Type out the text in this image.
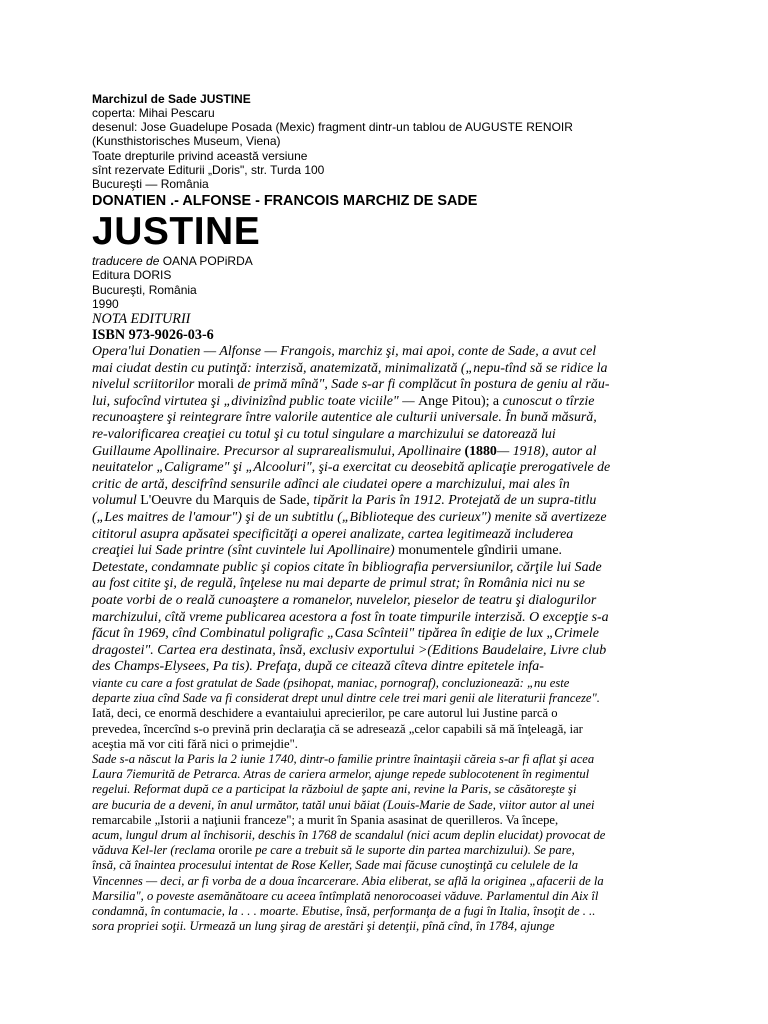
Marchizul de Sade JUSTINE
coperta: Mihai Pescaru
desenul: Jose Guadelupe Posada (Mexic) fragment dintr-un tablou de AUGUSTE RENOIR
(Kunsthistorisches Museum, Viena)
Toate drepturile privind această versiune
sînt rezervate Editurii „Doris", str. Turda 100
Bucureşti — România
DONATIEN .- ALFONSE - FRANCOIS MARCHIZ DE SADE
JUSTINE
traducere de OANA POPiRDA
Editura DORIS
Bucureşti, România
1990
NOTA EDITURII
ISBN 973-9026-03-6
Opera'lui Donatien — Alfonse — Frangois, marchiz şi, mai apoi, conte de Sade, a avut cel
mai ciudat destin cu putinţă: interzisă, anatemizată, minimalizată („nepu-tînd să se ridice la
nivelul scriitorilor morali de primă mînă", Sade s-ar fi complăcut în postura de geniu al rău-
lui, sufocînd virtutea şi „divinizînd public toate viciile" — Ange Pitou); a cunoscut o tîrzie
recunoaştere şi reintegrare între valorile autentice ale culturii universale. În bună măsură,
re-valorificarea creaţiei cu totul şi cu totul singulare a marchizului se datorează lui
Guillaume Apollinaire. Precursor al suprarealismului, Apollinaire (1880— 1918), autor al
neuitatelor „Caligrame" şi „Alcooluri", şi-a exercitat cu deosebită aplicaţie prerogativele de
critic de artă, descifrînd sensurile adînci ale ciudatei opere a marchizului, mai ales în
volumul L'Oeuvre du Marquis de Sade, tipărit la Paris în 1912. Protejată de un supra-titlu
(„Les maitres de l'amour") şi de un subtitlu („Biblioteque des curieux") menite să avertizeze
cititorul asupra apăsatei specificităţi a operei analizate, cartea legitimează includerea
creaţiei lui Sade printre (sînt cuvintele lui Apollinaire) monumentele gîndirii umane.
Detestate, condamnate public şi copios citate în bibliografia perversiunilor, cărţile lui Sade
au fost citite şi, de regulă, înţelese nu mai departe de primul strat; în România nici nu se
poate vorbi de o reală cunoaştere a romanelor, nuvelelor, pieselor de teatru şi dialogurilor
marchizului, cîtă vreme publicarea acestora a fost în toate timpurile interzisă. O excepţie s-a
făcut în 1969, cînd Combinatul poligrafic „Casa Scînteii" tipărea în ediţie de lux „Crimele
dragostei". Cartea era destinata, însă, exclusiv exportului >(Editions Baudelaire, Livre club
des Champs-Elysees, Pa tis). Prefaţa, după ce citează cîteva dintre epitetele infa-
viante cu care a fost gratulat de Sade (psihopat, maniac, pornograf), concluzionează: „nu este
departe ziua cînd Sade va fi considerat drept unul dintre cele trei mari genii ale literaturii franceze".
Iată, deci, ce enormă deschidere a evantaiului aprecierilor, pe care autorul lui Justine parcă o
prevedea, încercînd s-o prevină prin declaraţia că se adresează „celor capabili să mă înţeleagă, iar
aceştia mă vor citi fără nici o primejdie".
Sade s-a născut la Paris la 2 iunie 1740, dintr-o familie printre înaintaşii căreia s-ar fi aflat şi acea
Laura 7iemurită de Petrarca. Atras de cariera armelor, ajunge repede sublocotenent în regimentul
regelui. Reformat după ce a participat la războiul de şapte ani, revine la Paris, se căsătoreşte şi
are bucuria de a deveni, în anul următor, tatăl unui băiat (Louis-Marie de Sade, viitor autor al unei
remarcabile „Istorii a naţiunii franceze"; a murit în Spania asasinat de querilleros. Va începe,
acum, lungul drum al închisorii, deschis în 1768 de scandalul (nici acum deplin elucidat) provocat de
văduva Kel-ler (reclama ororile pe care a trebuit să le suporte din partea marchizului). Se pare,
însă, că înaintea procesului intentat de Rose Keller, Sade mai făcuse cunoştinţă cu celulele de la
Vincennes — deci, ar fi vorba de a doua încarcerare. Abia eliberat, se află la originea „afacerii de la
Marsilia", o poveste asemănătoare cu aceea întîmplată nenorocoasei văduve. Parlamentul din Aix îl
condamnă, în contumacie, la . . . moarte. Ebutise, însă, performanţa de a fugi în Italia, însoţit de . ..
sora propriei soţii. Urmează un lung şirag de arestări şi detenţii, pînă cînd, în 1784, ajunge
